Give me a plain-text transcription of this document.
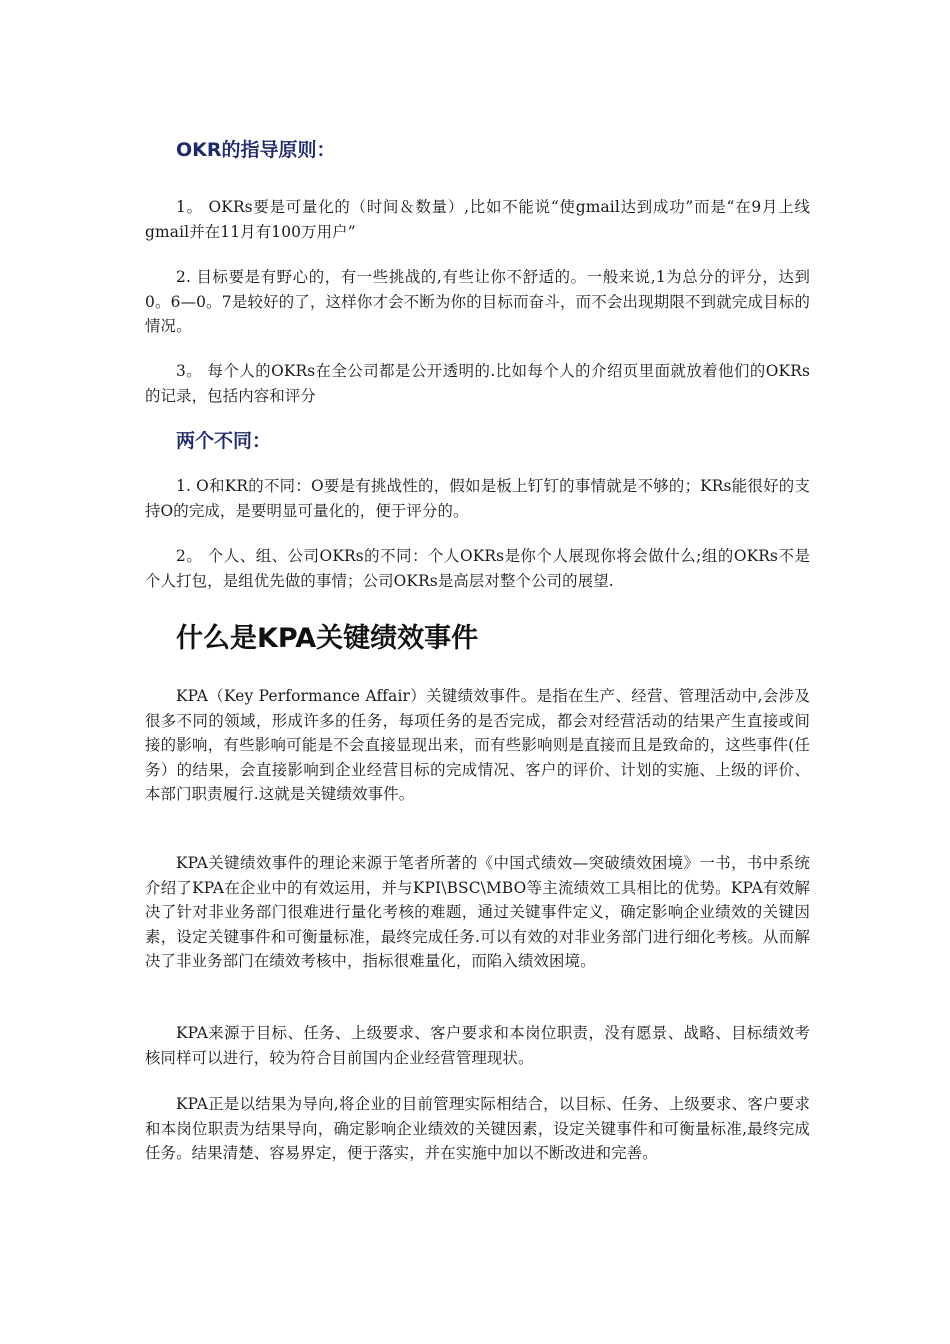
OKR的指导原则：

1。 OKRs要是可量化的（时间＆数量）,比如不能说“使gmail达到成功”而是“在9月上线gmail并在11月有100万用户”

2. 目标要是有野心的，有一些挑战的,有些让你不舒适的。一般来说,1为总分的评分，达到0。6—0。7是较好的了，这样你才会不断为你的目标而奋斗，而不会出现期限不到就完成目标的情况。

3。 每个人的OKRs在全公司都是公开透明的.比如每个人的介绍页里面就放着他们的OKRs的记录，包括内容和评分

两个不同：

1. O和KR的不同：O要是有挑战性的，假如是板上钉钉的事情就是不够的；KRs能很好的支持O的完成，是要明显可量化的，便于评分的。

2。 个人、组、公司OKRs的不同：个人OKRs是你个人展现你将会做什么;组的OKRs不是个人打包，是组优先做的事情；公司OKRs是高层对整个公司的展望.

什么是KPA关键绩效事件

KPA（Key Performance Affair）关键绩效事件。是指在生产、经营、管理活动中,会涉及很多不同的领域，形成许多的任务，每项任务的是否完成，都会对经营活动的结果产生直接或间接的影响，有些影响可能是不会直接显现出来，而有些影响则是直接而且是致命的，这些事件(任务）的结果，会直接影响到企业经营目标的完成情况、客户的评价、计划的实施、上级的评价、本部门职责履行.这就是关键绩效事件。

KPA关键绩效事件的理论来源于笔者所著的《中国式绩效—突破绩效困境》一书，书中系统介绍了KPA在企业中的有效运用，并与KPI\BSC\MBO等主流绩效工具相比的优势。KPA有效解决了针对非业务部门很难进行量化考核的难题，通过关键事件定义，确定影响企业绩效的关键因素，设定关键事件和可衡量标准，最终完成任务.可以有效的对非业务部门进行细化考核。从而解决了非业务部门在绩效考核中，指标很难量化，而陷入绩效困境。

KPA来源于目标、任务、上级要求、客户要求和本岗位职责，没有愿景、战略、目标绩效考核同样可以进行，较为符合目前国内企业经营管理现状。

KPA正是以结果为导向,将企业的目前管理实际相结合，以目标、任务、上级要求、客户要求和本岗位职责为结果导向，确定影响企业绩效的关键因素，设定关键事件和可衡量标准,最终完成任务。结果清楚、容易界定，便于落实，并在实施中加以不断改进和完善。
